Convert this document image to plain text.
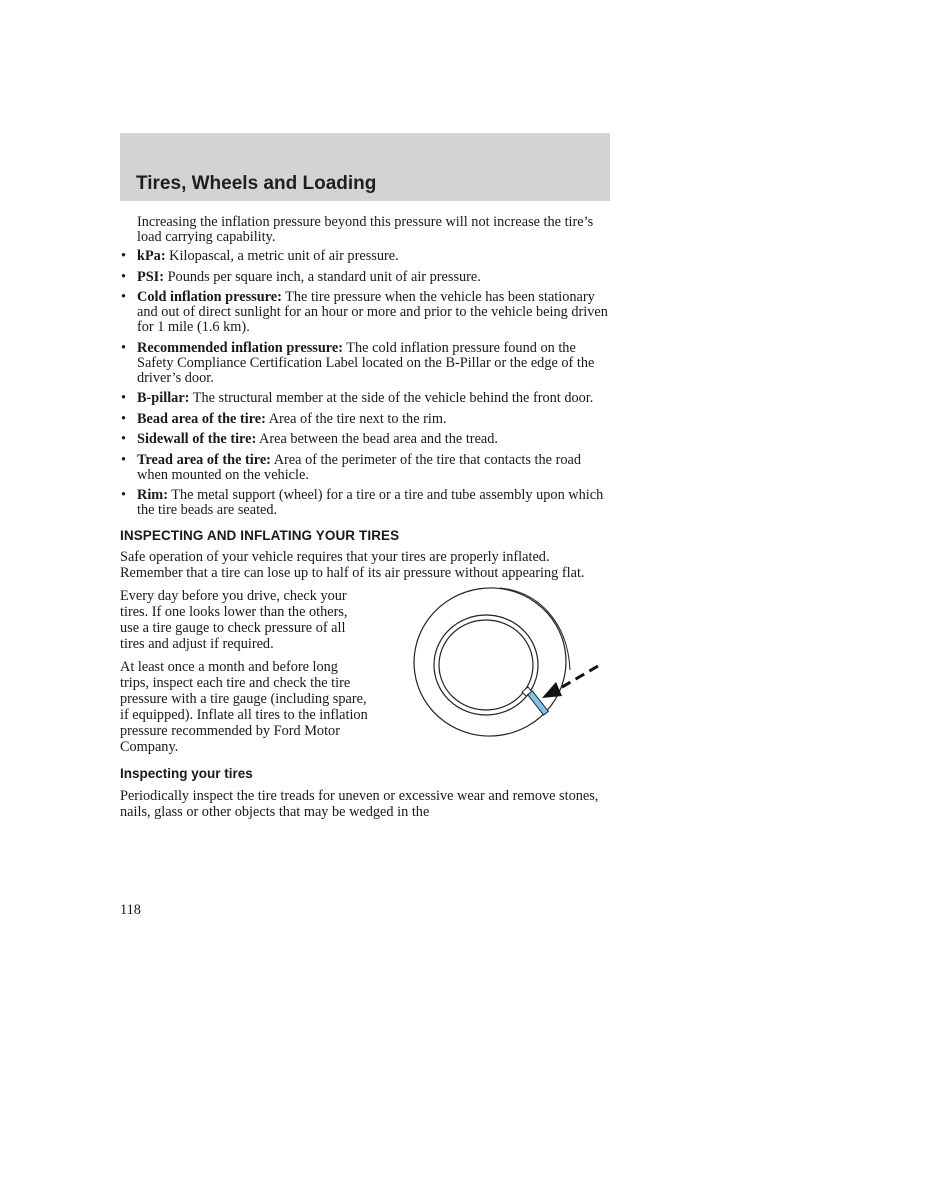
Tires, Wheels and Loading

Increasing the inflation pressure beyond this pressure will not increase the tire’s load carrying capability.

• kPa: Kilopascal, a metric unit of air pressure.
• PSI: Pounds per square inch, a standard unit of air pressure.
• Cold inflation pressure: The tire pressure when the vehicle has been stationary and out of direct sunlight for an hour or more and prior to the vehicle being driven for 1 mile (1.6 km).
• Recommended inflation pressure: The cold inflation pressure found on the Safety Compliance Certification Label located on the B-Pillar or the edge of the driver’s door.
• B-pillar: The structural member at the side of the vehicle behind the front door.
• Bead area of the tire: Area of the tire next to the rim.
• Sidewall of the tire: Area between the bead area and the tread.
• Tread area of the tire: Area of the perimeter of the tire that contacts the road when mounted on the vehicle.
• Rim: The metal support (wheel) for a tire or a tire and tube assembly upon which the tire beads are seated.
INSPECTING AND INFLATING YOUR TIRES

Safe operation of your vehicle requires that your tires are properly inflated. Remember that a tire can lose up to half of its air pressure without appearing flat.

Every day before you drive, check your tires. If one looks lower than the others, use a tire gauge to check pressure of all tires and adjust if required.

At least once a month and before long trips, inspect each tire and check the tire pressure with a tire gauge (including spare, if equipped). Inflate all tires to the inflation pressure recommended by Ford Motor Company.

Inspecting your tires

Periodically inspect the tire treads for uneven or excessive wear and remove stones, nails, glass or other objects that may be wedged in the

118
